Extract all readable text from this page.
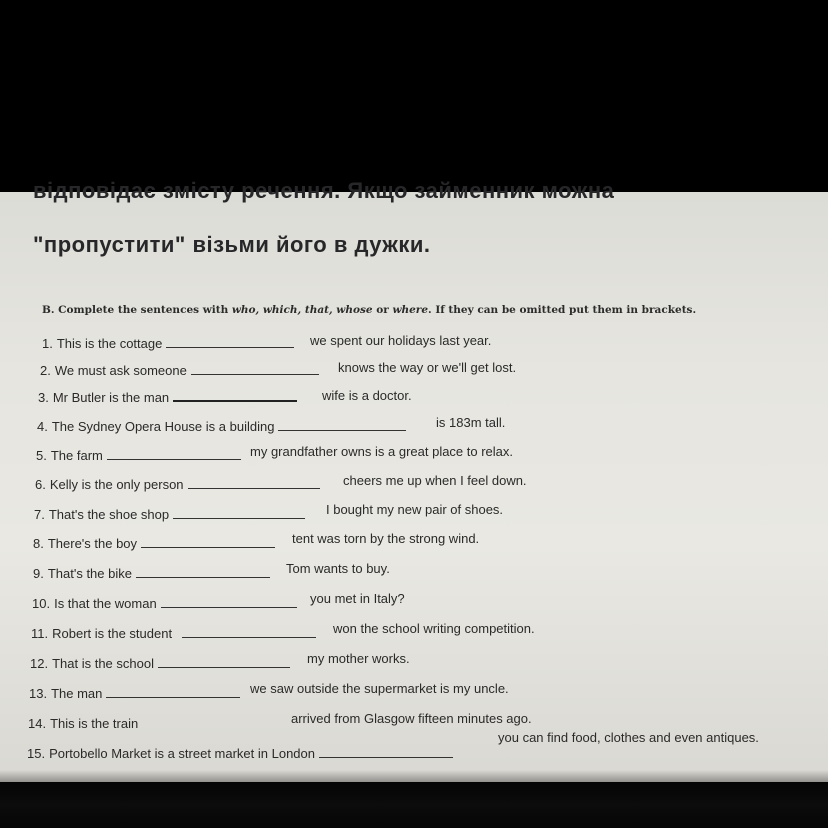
відповідає змісту речення. Якщо займенник можна
"пропустити" візьми його в дужки.
B. Complete the sentences with who, which, that, whose or where. If they can be omitted put them in brackets.
1. This is the cottage	we spent our holidays last year.
2. We must ask someone	knows the way or we'll get lost.
3. Mr Butler is the man	wife is a doctor.
4. The Sydney Opera House is a building	is 183m tall.
5. The farm	my grandfather owns is a great place to relax.
6. Kelly is the only person	cheers me up when I feel down.
7. That's the shoe shop	I bought my new pair of shoes.
8. There's the boy	tent was torn by the strong wind.
9. That's the bike	Tom wants to buy.
10. Is that the woman	you met in Italy?
11. Robert is the student	won the school writing competition.
12. That is the school	my mother works.
13. The man	we saw outside the supermarket is my uncle.
14. This is the train	arrived from Glasgow fifteen minutes ago.
15. Portobello Market is a street market in London
you can find food, clothes and even antiques.
